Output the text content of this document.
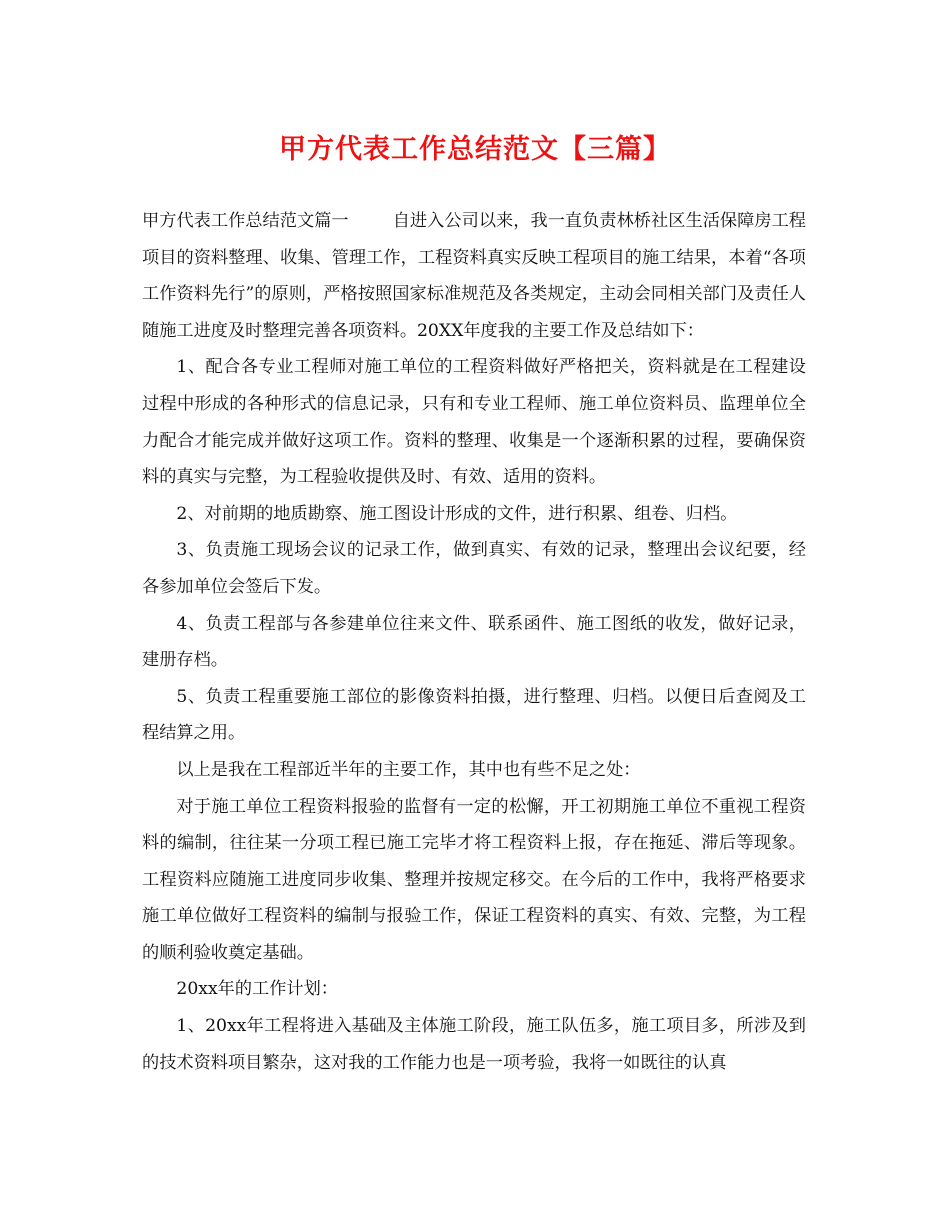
甲方代表工作总结范文【三篇】

甲方代表工作总结范文篇一	自进入公司以来，我一直负责林桥社区生活保障房工程项目的资料整理、收集、管理工作，工程资料真实反映工程项目的施工结果，本着“各项工作资料先行”的原则，严格按照国家标准规范及各类规定，主动会同相关部门及责任人随施工进度及时整理完善各项资料。20XX年度我的主要工作及总结如下：

1、配合各专业工程师对施工单位的工程资料做好严格把关，资料就是在工程建设过程中形成的各种形式的信息记录，只有和专业工程师、施工单位资料员、监理单位全力配合才能完成并做好这项工作。资料的整理、收集是一个逐渐积累的过程，要确保资料的真实与完整，为工程验收提供及时、有效、适用的资料。

2、对前期的地质勘察、施工图设计形成的文件，进行积累、组卷、归档。

3、负责施工现场会议的记录工作，做到真实、有效的记录，整理出会议纪要，经各参加单位会签后下发。

4、负责工程部与各参建单位往来文件、联系函件、施工图纸的收发，做好记录，建册存档。

5、负责工程重要施工部位的影像资料拍摄，进行整理、归档。以便日后查阅及工程结算之用。

以上是我在工程部近半年的主要工作，其中也有些不足之处：

对于施工单位工程资料报验的监督有一定的松懈，开工初期施工单位不重视工程资料的编制，往往某一分项工程已施工完毕才将工程资料上报，存在拖延、滞后等现象。工程资料应随施工进度同步收集、整理并按规定移交。在今后的工作中，我将严格要求施工单位做好工程资料的编制与报验工作，保证工程资料的真实、有效、完整，为工程的顺利验收奠定基础。

20xx年的工作计划：

1、20xx年工程将进入基础及主体施工阶段，施工队伍多，施工项目多，所涉及到的技术资料项目繁杂，这对我的工作能力也是一项考验，我将一如既往的认真
